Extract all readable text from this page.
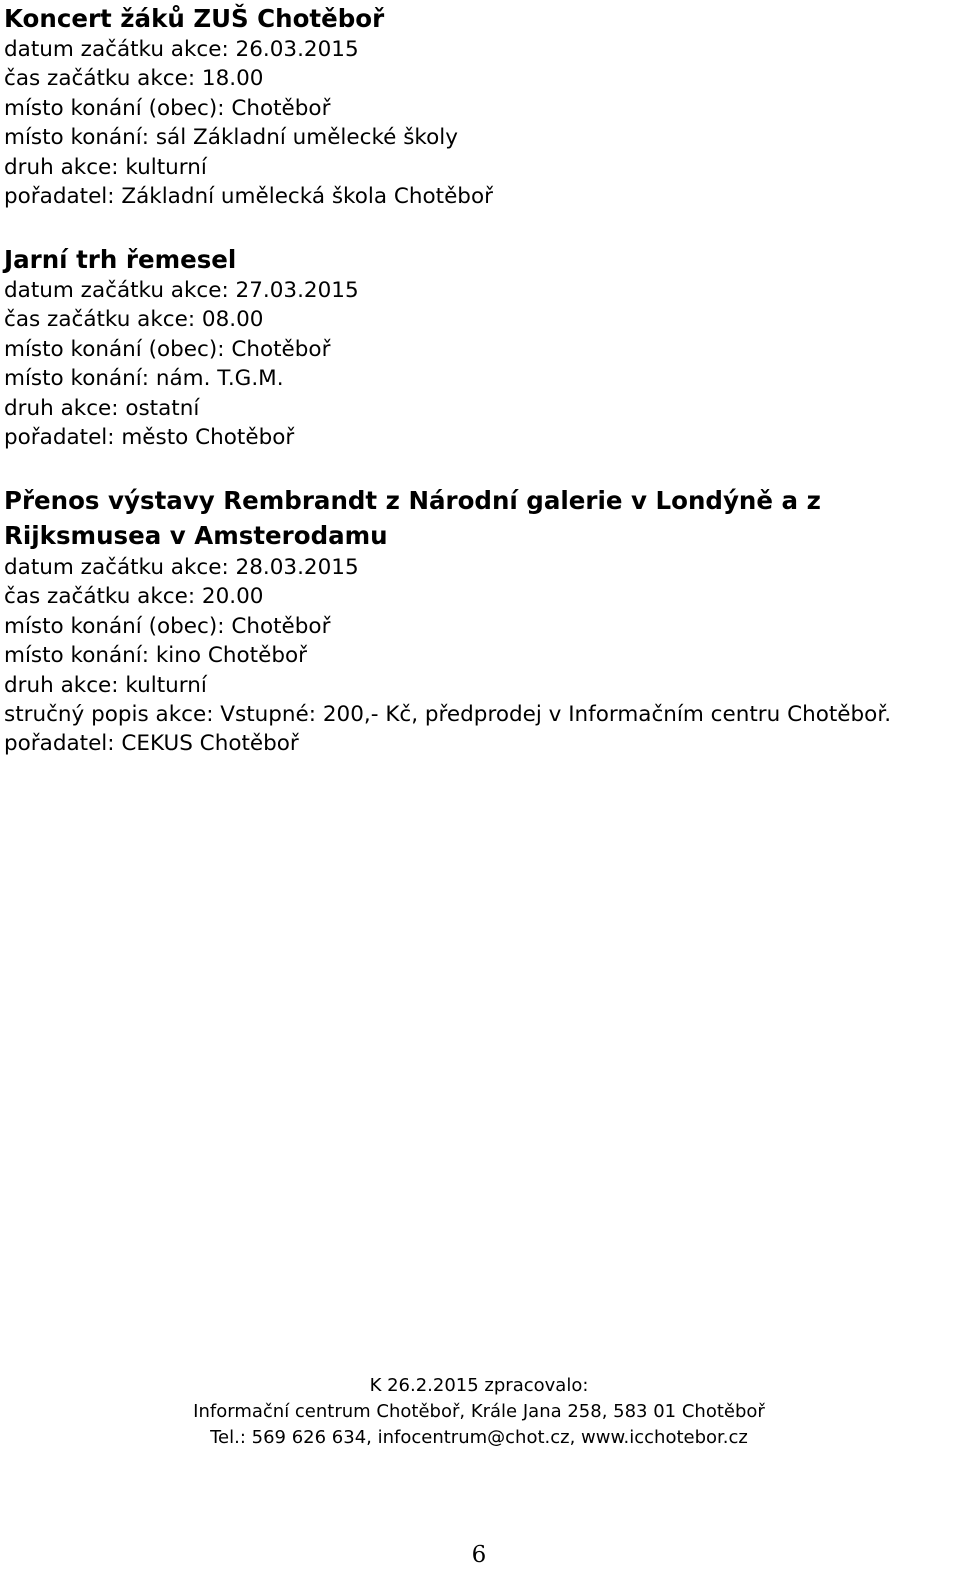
Koncert žáků ZUŠ Chotěboř

datum začátku akce: 26.03.2015

čas začátku akce: 18.00

místo konání (obec): Chotěboř

místo konání: sál Základní umělecké školy

druh akce: kulturní

pořadatel: Základní umělecká škola Chotěboř

Jarní trh řemesel

datum začátku akce: 27.03.2015

čas začátku akce: 08.00

místo konání (obec): Chotěboř

místo konání: nám. T.G.M.

druh akce: ostatní

pořadatel: město Chotěboř

Přenos výstavy Rembrandt z Národní galerie v Londýně a z

Rijksmusea v Amsterodamu

datum začátku akce: 28.03.2015

čas začátku akce: 20.00

místo konání (obec): Chotěboř

místo konání: kino Chotěboř

druh akce: kulturní

stručný popis akce: Vstupné: 200,- Kč, předprodej v Informačním centru Chotěboř.

pořadatel: CEKUS Chotěboř

K 26.2.2015 zpracovalo:

Informační centrum Chotěboř, Krále Jana 258, 583 01 Chotěboř

Tel.: 569 626 634, infocentrum@chot.cz, www.icchotebor.cz

6
